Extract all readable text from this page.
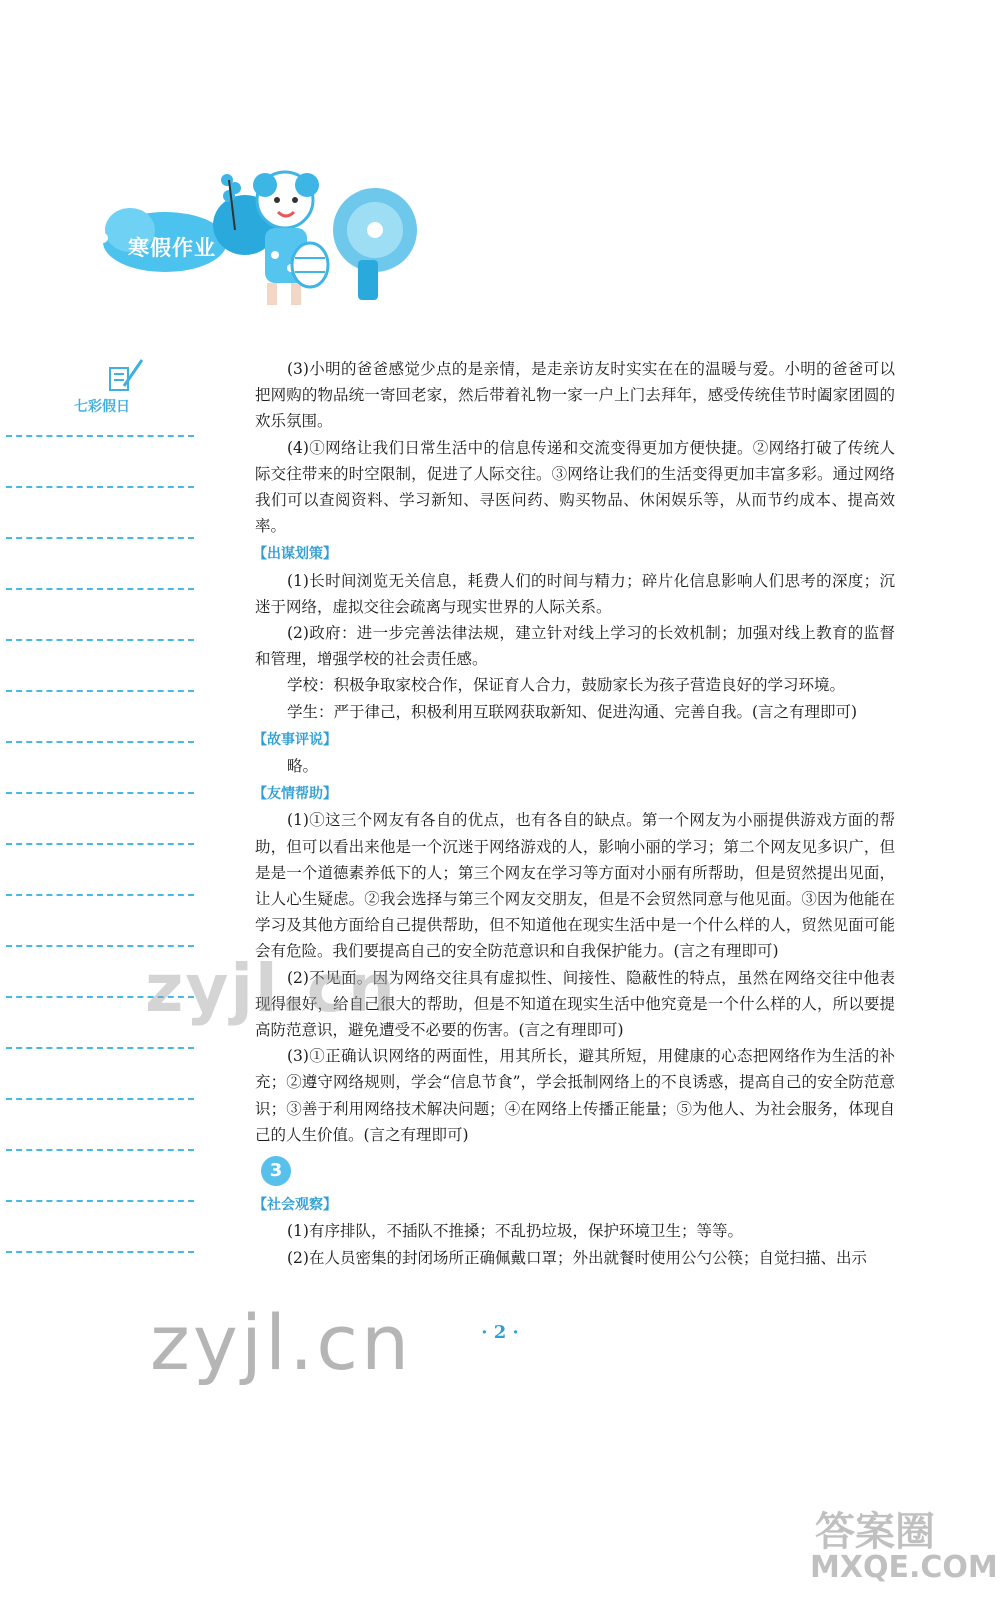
寒假作业
七彩假日

(3)小明的爸爸感觉少点的是亲情，是走亲访友时实实在在的温暖与爱。小明的爸爸可以把网购的物品统一寄回老家，然后带着礼物一家一户上门去拜年，感受传统佳节时阖家团圆的欢乐氛围。

(4)①网络让我们日常生活中的信息传递和交流变得更加方便快捷。②网络打破了传统人际交往带来的时空限制，促进了人际交往。③网络让我们的生活变得更加丰富多彩。通过网络我们可以查阅资料、学习新知、寻医问药、购买物品、休闲娱乐等，从而节约成本、提高效率。

【出谋划策】

(1)长时间浏览无关信息，耗费人们的时间与精力；碎片化信息影响人们思考的深度；沉迷于网络，虚拟交往会疏离与现实世界的人际关系。

(2)政府：进一步完善法律法规，建立针对线上学习的长效机制；加强对线上教育的监督和管理，增强学校的社会责任感。

学校：积极争取家校合作，保证育人合力，鼓励家长为孩子营造良好的学习环境。

学生：严于律己，积极利用互联网获取新知、促进沟通、完善自我。(言之有理即可)

【故事评说】

略。

【友情帮助】

(1)①这三个网友有各自的优点，也有各自的缺点。第一个网友为小丽提供游戏方面的帮助，但可以看出来他是一个沉迷于网络游戏的人，影响小丽的学习；第二个网友见多识广，但是是一个道德素养低下的人；第三个网友在学习等方面对小丽有所帮助，但是贸然提出见面，让人心生疑虑。②我会选择与第三个网友交朋友，但是不会贸然同意与他见面。③因为他能在学习及其他方面给自己提供帮助，但不知道他在现实生活中是一个什么样的人，贸然见面可能会有危险。我们要提高自己的安全防范意识和自我保护能力。(言之有理即可)

(2)不见面。因为网络交往具有虚拟性、间接性、隐蔽性的特点，虽然在网络交往中他表现得很好，给自己很大的帮助，但是不知道在现实生活中他究竟是一个什么样的人，所以要提高防范意识，避免遭受不必要的伤害。(言之有理即可)

(3)①正确认识网络的两面性，用其所长，避其所短，用健康的心态把网络作为生活的补充；②遵守网络规则，学会“信息节食”，学会抵制网络上的不良诱惑，提高自己的安全防范意识；③善于利用网络技术解决问题；④在网络上传播正能量；⑤为他人、为社会服务，体现自己的人生价值。(言之有理即可)

3
【社会观察】

(1)有序排队，不插队不推搡；不乱扔垃圾，保护环境卫生；等等。

(2)在人员密集的封闭场所正确佩戴口罩；外出就餐时使用公勺公筷；自觉扫描、出示

· 2 ·
zyjl.cn
zyjl.cn
答案圈
MXQE.COM
